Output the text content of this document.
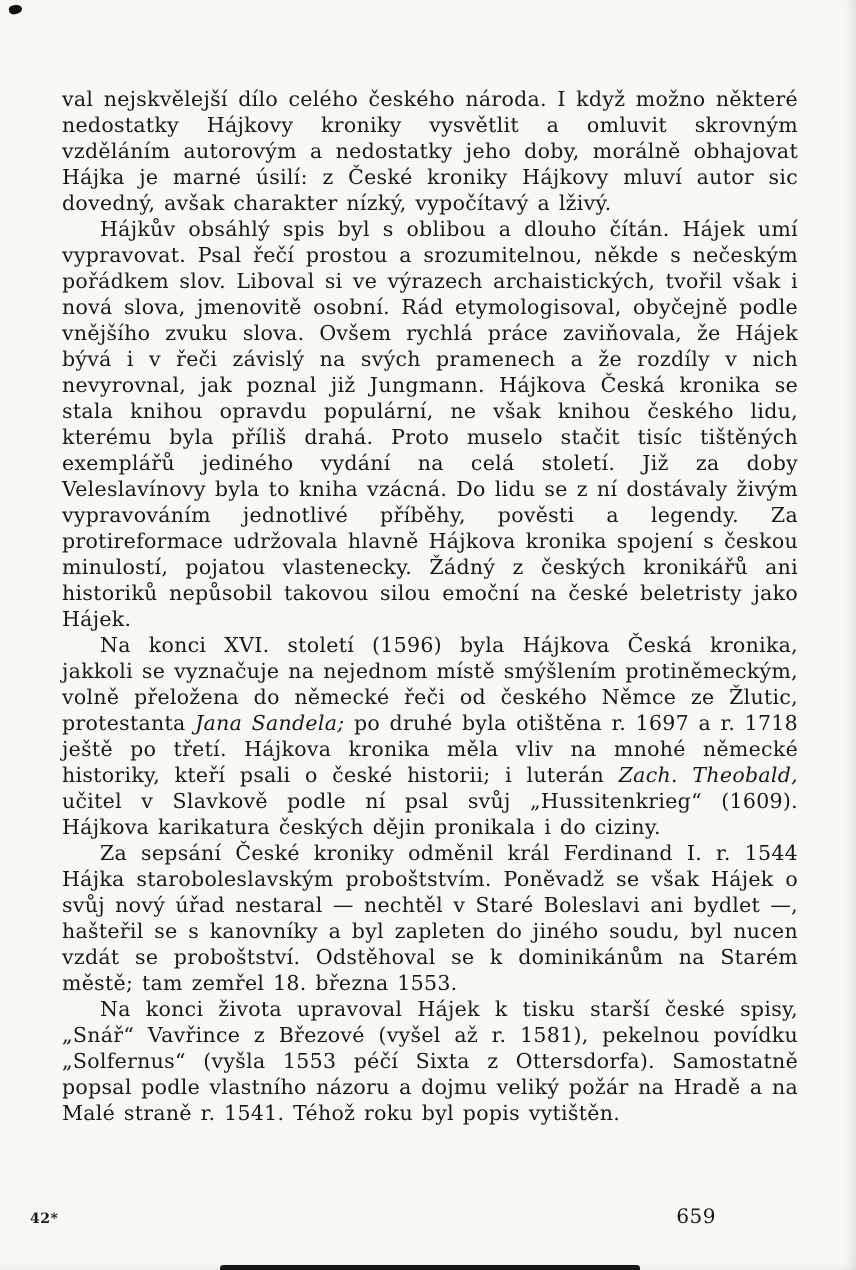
val nejskvělejší dílo celého českého národa. I když možno některé nedostatky Hájkovy kroniky vysvětlit a omluvit skrovným vzděláním autorovým a nedostatky jeho doby, morálně obhajovat Hájka je marné úsilí: z České kroniky Hájkovy mluví autor sic dovedný, avšak charakter nízký, vypočítavý a lživý.

Hájkův obsáhlý spis byl s oblibou a dlouho čítán. Hájek umí vypravovat. Psal řečí prostou a srozumitelnou, někde s nečeským pořádkem slov. Liboval si ve výrazech archaistických, tvořil však i nová slova, jmenovitě osobní. Rád etymologisoval, obyčejně podle vnějšího zvuku slova. Ovšem rychlá práce zaviňovala, že Hájek bývá i v řeči závislý na svých pramenech a že rozdíly v nich nevyrovnal, jak poznal již Jungmann. Hájkova Česká kronika se stala knihou opravdu populární, ne však knihou českého lidu, kterému byla příliš drahá. Proto muselo stačit tisíc tištěných exemplářů jediného vydání na celá století. Již za doby Veleslavínovy byla to kniha vzácná. Do lidu se z ní dostávaly živým vypravováním jednotlivé příběhy, pověsti a legendy. Za protireformace udržovala hlavně Hájkova kronika spojení s českou minulostí, pojatou vlastenecky. Žádný z českých kronikářů ani historiků nepůsobil takovou silou emoční na české beletristy jako Hájek.

Na konci XVI. století (1596) byla Hájkova Česká kronika, jakkoli se vyznačuje na nejednom místě smýšlením protiněmeckým, volně přeložena do německé řeči od českého Němce ze Žlutic, protestanta Jana Sandela; po druhé byla otištěna r. 1697 a r. 1718 ještě po třetí. Hájkova kronika měla vliv na mnohé německé historiky, kteří psali o české historii; i luterán Zach. Theobald, učitel v Slavkově podle ní psal svůj „Hussitenkrieg“ (1609). Hájkova karikatura českých dějin pronikala i do ciziny.

Za sepsání České kroniky odměnil král Ferdinand I. r. 1544 Hájka staroboleslavským proboštstvím. Poněvadž se však Hájek o svůj nový úřad nestaral — nechtěl v Staré Boleslavi ani bydlet —, hašteřil se s kanovníky a byl zapleten do jiného soudu, byl nucen vzdát se proboštství. Odstěhoval se k dominikánům na Starém městě; tam zemřel 18. března 1553.

Na konci života upravoval Hájek k tisku starší české spisy, „Snář“ Vavřince z Březové (vyšel až r. 1581), pekelnou povídku „Solfernus“ (vyšla 1553 péčí Sixta z Ottersdorfa). Samostatně popsal podle vlastního názoru a dojmu veliký požár na Hradě a na Malé straně r. 1541. Téhož roku byl popis vytištěn.

42*	659
